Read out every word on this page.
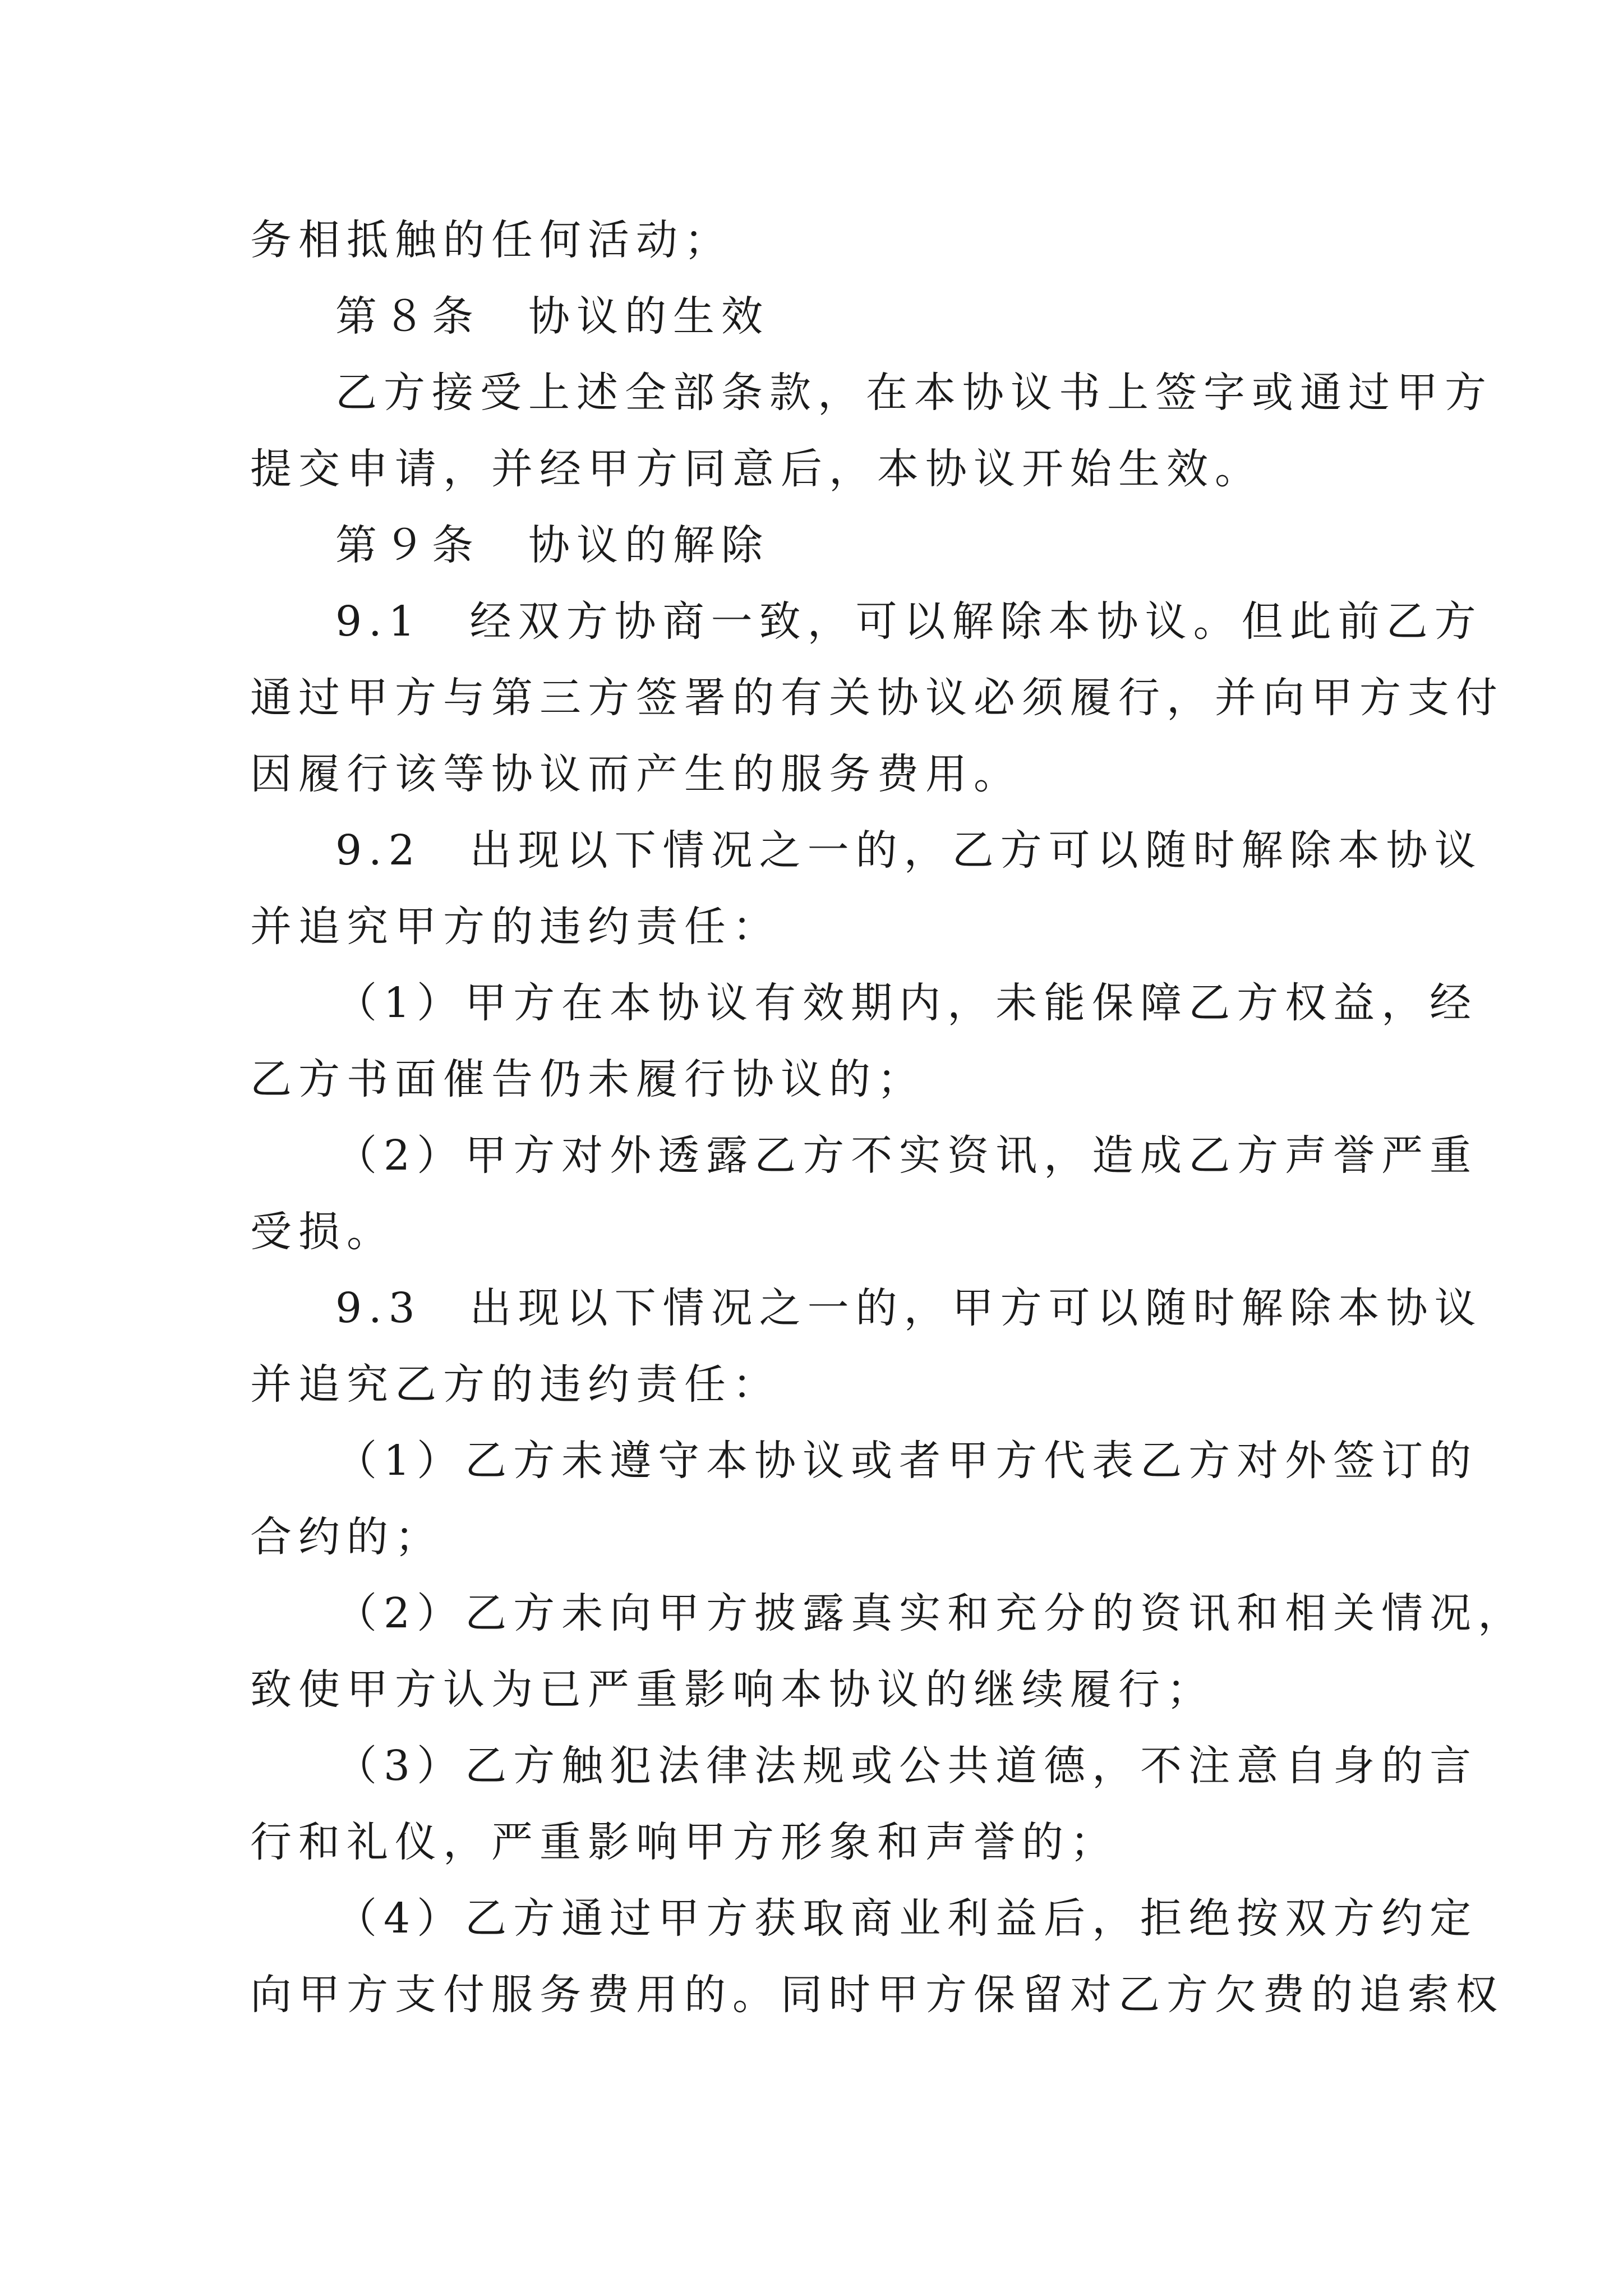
务相抵触的任何活动；

第８条　协议的生效

乙方接受上述全部条款，在本协议书上签字或通过甲方

提交申请，并经甲方同意后，本协议开始生效。

第９条　协议的解除

9.1　经双方协商一致，可以解除本协议。但此前乙方

通过甲方与第三方签署的有关协议必须履行，并向甲方支付

因履行该等协议而产生的服务费用。

9.2　出现以下情况之一的，乙方可以随时解除本协议

并追究甲方的违约责任：

（1）甲方在本协议有效期内，未能保障乙方权益，经

乙方书面催告仍未履行协议的；

（2）甲方对外透露乙方不实资讯，造成乙方声誉严重

受损。

9.3　出现以下情况之一的，甲方可以随时解除本协议

并追究乙方的违约责任：

（1）乙方未遵守本协议或者甲方代表乙方对外签订的

合约的；

（2）乙方未向甲方披露真实和充分的资讯和相关情况，

致使甲方认为已严重影响本协议的继续履行；

（3）乙方触犯法律法规或公共道德，不注意自身的言

行和礼仪，严重影响甲方形象和声誉的；

（4）乙方通过甲方获取商业利益后，拒绝按双方约定

向甲方支付服务费用的。同时甲方保留对乙方欠费的追索权
